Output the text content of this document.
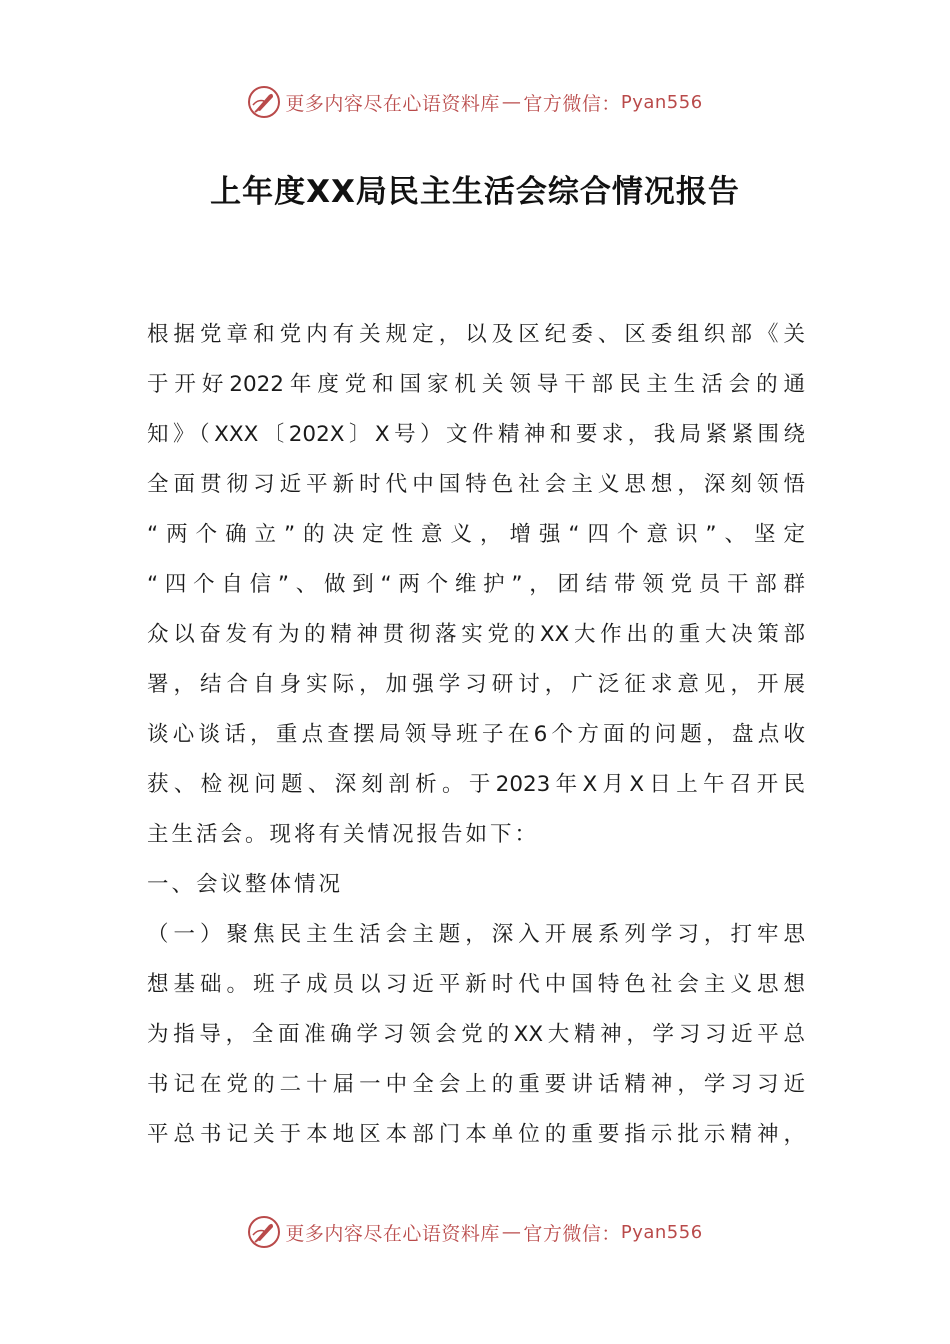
更多内容尽在心语资料库 — 官方微信： Pyan556
上年度XX局民主生活会综合情况报告
根据党章和党内有关规定，以及区纪委、区委组织部《关
于开好2022年度党和国家机关领导干部民主生活会的通
知》（XXX〔202X〕X号）文件精神和要求，我局紧紧围绕
全面贯彻习近平新时代中国特色社会主义思想，深刻领悟
“两个确立”的决定性意义，增强“四个意识”、坚定
“四个自信”、做到“两个维护”，团结带领党员干部群
众以奋发有为的精神贯彻落实党的XX大作出的重大决策部
署，结合自身实际，加强学习研讨，广泛征求意见，开展
谈心谈话，重点查摆局领导班子在6个方面的问题，盘点收
获、检视问题、深刻剖析。于2023年X月X日上午召开民
主生活会。现将有关情况报告如下：
一、会议整体情况
（一）聚焦民主生活会主题，深入开展系列学习，打牢思
想基础。班子成员以习近平新时代中国特色社会主义思想
为指导，全面准确学习领会党的XX大精神，学习习近平总
书记在党的二十届一中全会上的重要讲话精神，学习习近
平总书记关于本地区本部门本单位的重要指示批示精神，
更多内容尽在心语资料库 — 官方微信： Pyan556
